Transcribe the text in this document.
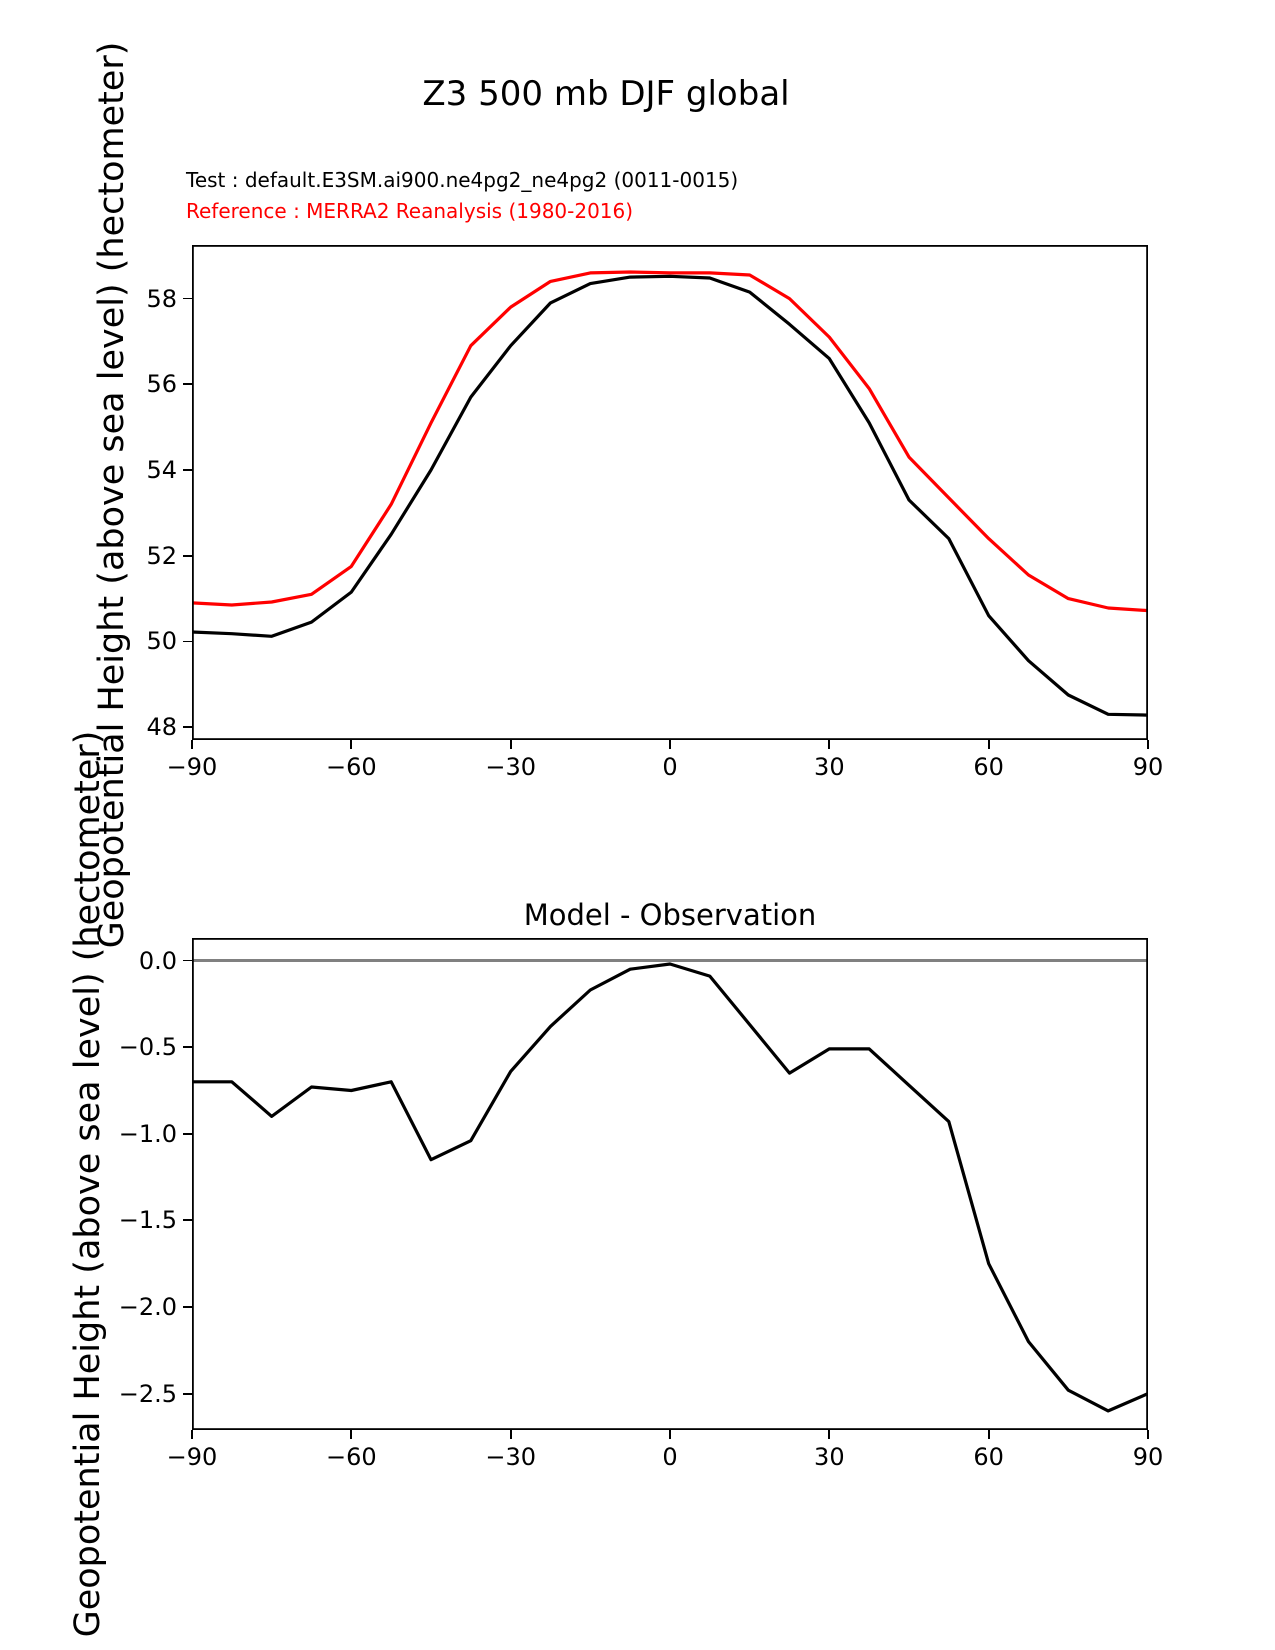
Z3 500 mb DJF global
Test : default.E3SM.ai900.ne4pg2_ne4pg2 (0011-0015)
Reference : MERRA2 Reanalysis (1980-2016)
Geopotential Height (above sea level) (hectometer)
Geopotential Height (above sea level) (hectometer)	Model - Observation
−90	−60	−30	0	30	60	90
58
56
54
52
50
48
−90	−60	−30	0	30	60	90
0.0
−0.5
−1.0
−1.5
−2.0
−2.5
